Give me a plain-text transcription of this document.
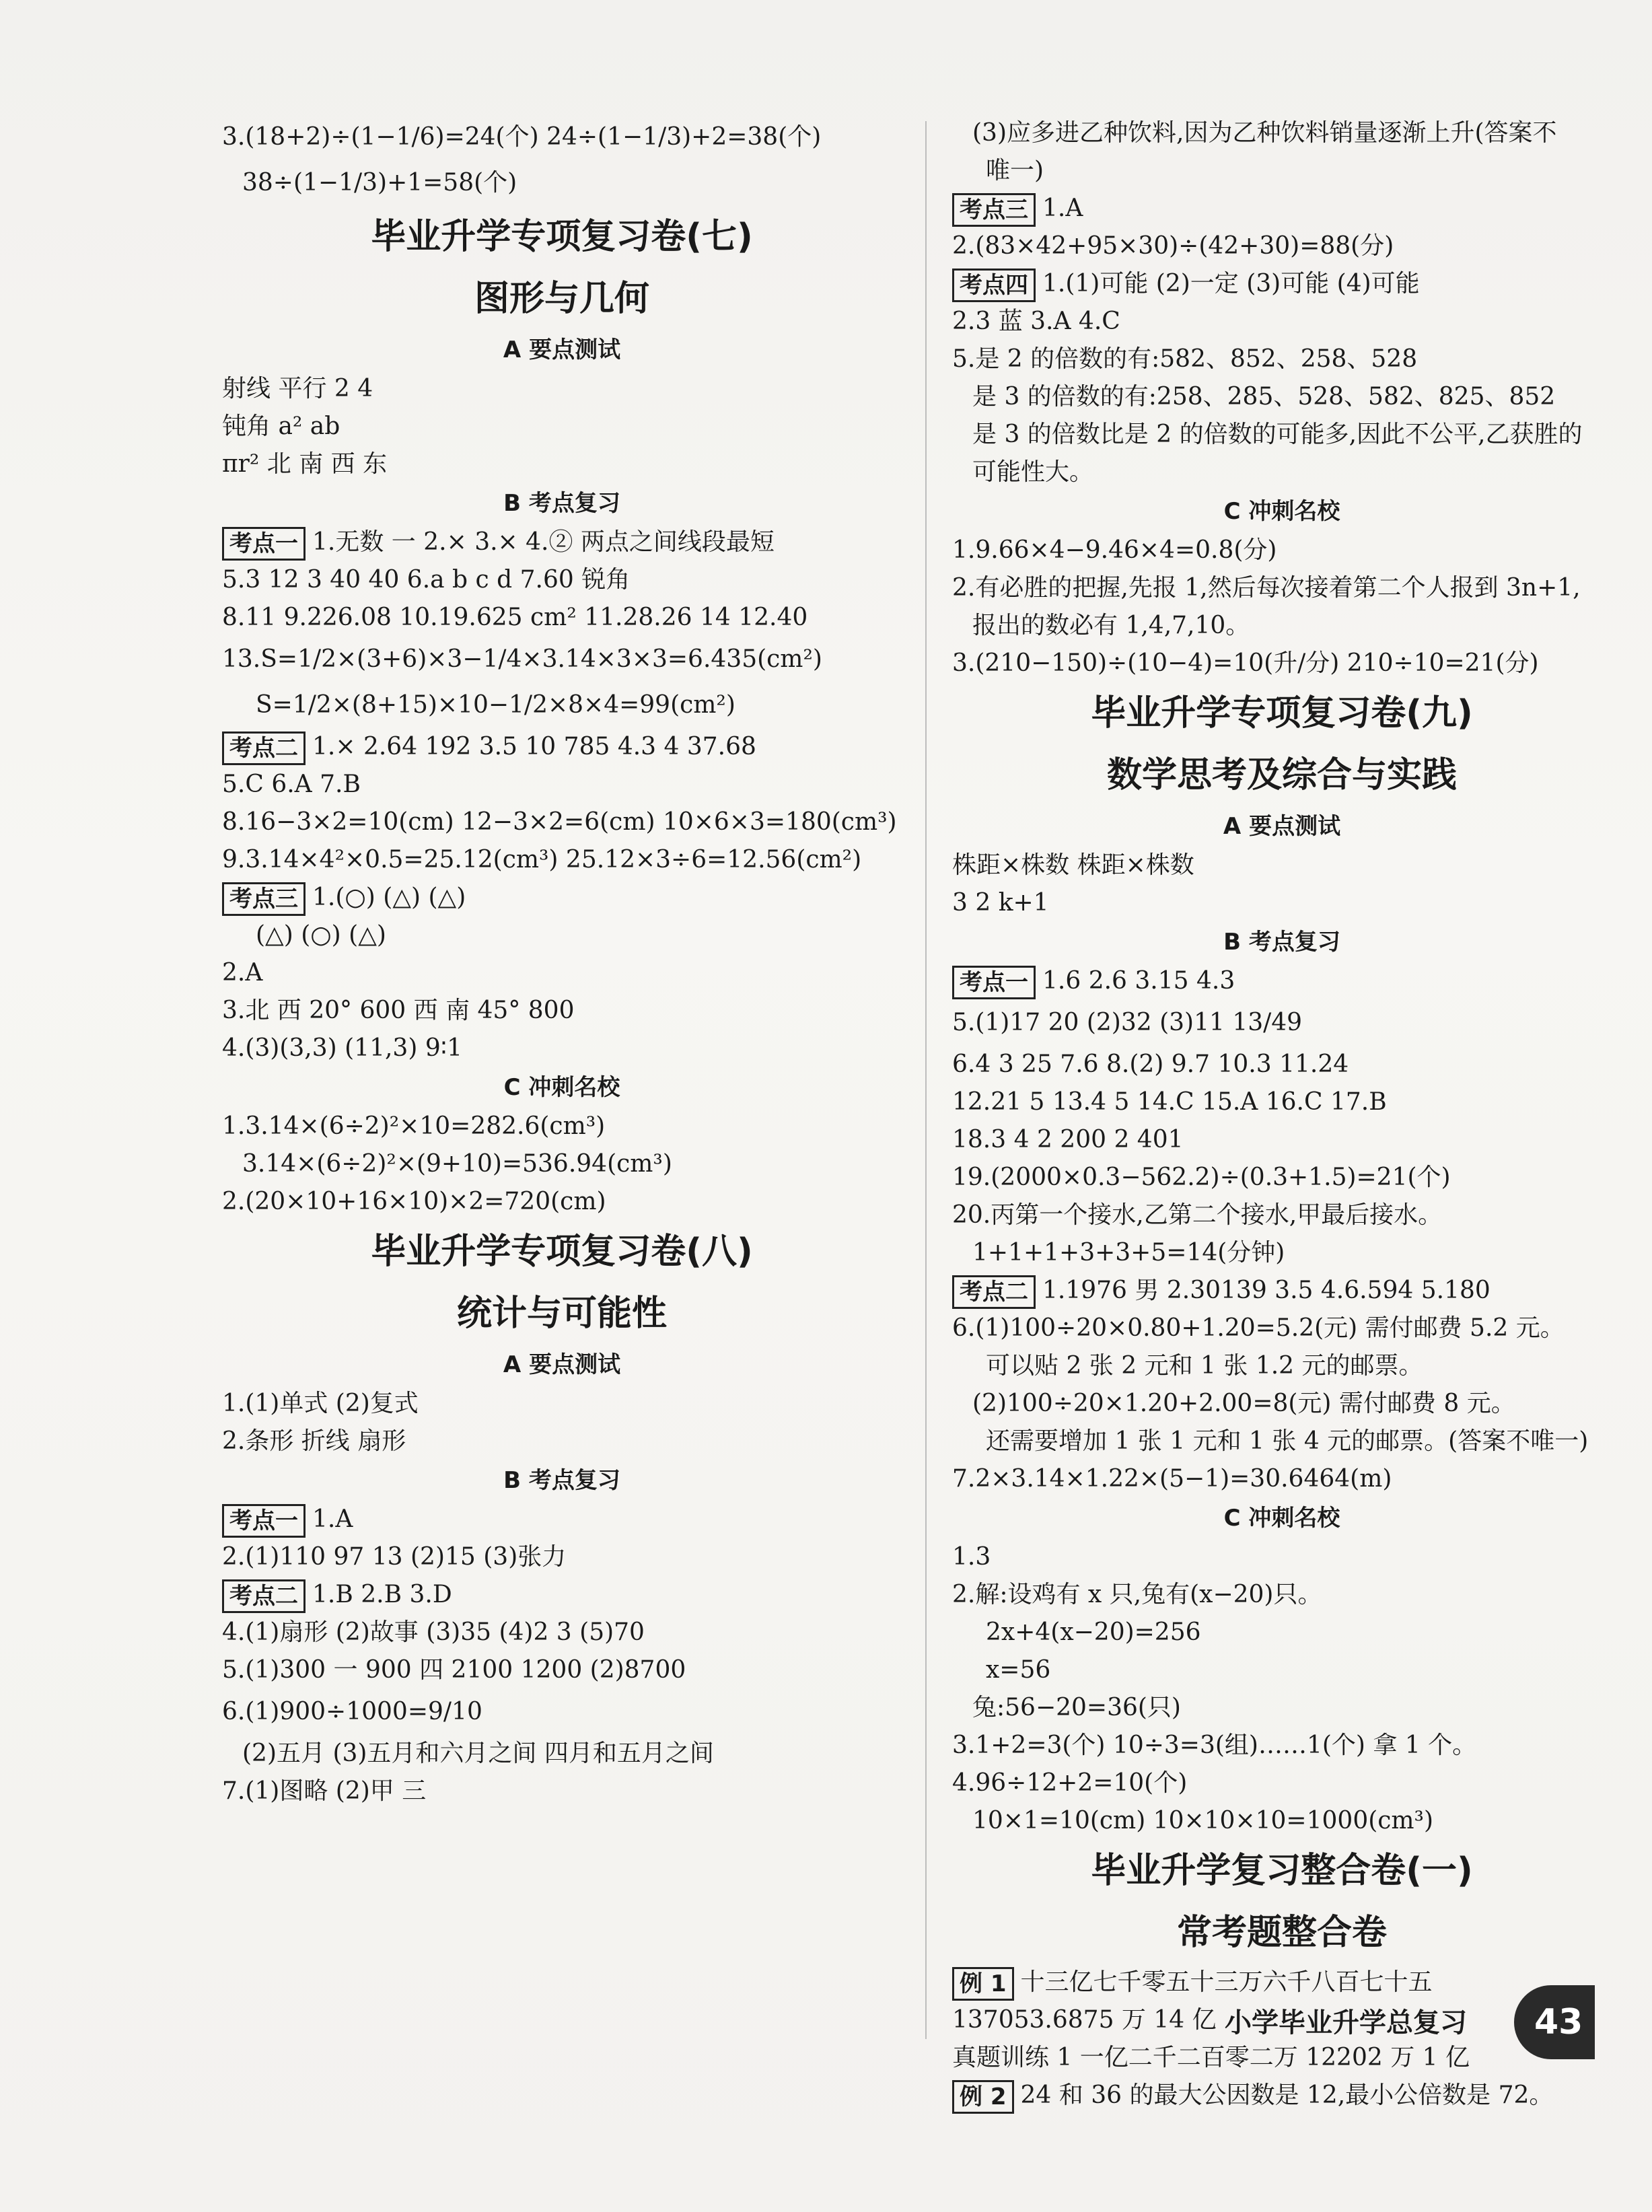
3.(18+2)÷(1−1/6)=24(个) 24÷(1−1/3)+2=38(个)
38÷(1−1/3)+1=58(个)
毕业升学专项复习卷(七)
图形与几何
A 要点测试
射线 平行 2 4
钝角 a² ab
πr² 北 南 西 东
B 考点复习
考点一 1.无数 一 2.× 3.× 4.② 两点之间线段最短
5.3 12 3 40 40 6.a b c d 7.60 锐角
8.11 9.226.08 10.19.625 cm² 11.28.26 14 12.40
13.S=1/2×(3+6)×3−1/4×3.14×3×3=6.435(cm²)
S=1/2×(8+15)×10−1/2×8×4=99(cm²)
考点二 1.× 2.64 192 3.5 10 785 4.3 4 37.68
5.C 6.A 7.B
8.16−3×2=10(cm) 12−3×2=6(cm) 10×6×3=180(cm³)
9.3.14×4²×0.5=25.12(cm³) 25.12×3÷6=12.56(cm²)
考点三 1.(○) (△) (△)
(△) (○) (△)
2.A
3.北 西 20° 600 西 南 45° 800
4.(3)(3,3) (11,3) 9∶1
C 冲刺名校
1.3.14×(6÷2)²×10=282.6(cm³)
3.14×(6÷2)²×(9+10)=536.94(cm³)
2.(20×10+16×10)×2=720(cm)
毕业升学专项复习卷(八)
统计与可能性
A 要点测试
1.(1)单式 (2)复式
2.条形 折线 扇形
B 考点复习
考点一 1.A
2.(1)110 97 13 (2)15 (3)张力
考点二 1.B 2.B 3.D
4.(1)扇形 (2)故事 (3)35 (4)2 3 (5)70
5.(1)300 一 900 四 2100 1200 (2)8700
6.(1)900÷1000=9/10
(2)五月 (3)五月和六月之间 四月和五月之间
7.(1)图略 (2)甲 三
(3)应多进乙种饮料,因为乙种饮料销量逐渐上升(答案不
唯一)
考点三 1.A
2.(83×42+95×30)÷(42+30)=88(分)
考点四 1.(1)可能 (2)一定 (3)可能 (4)可能
2.3 蓝 3.A 4.C
5.是 2 的倍数的有:582、852、258、528
是 3 的倍数的有:258、285、528、582、825、852
是 3 的倍数比是 2 的倍数的可能多,因此不公平,乙获胜的
可能性大。
C 冲刺名校
1.9.66×4−9.46×4=0.8(分)
2.有必胜的把握,先报 1,然后每次接着第二个人报到 3n+1,
报出的数必有 1,4,7,10。
3.(210−150)÷(10−4)=10(升/分) 210÷10=21(分)
毕业升学专项复习卷(九)
数学思考及综合与实践
A 要点测试
株距×株数 株距×株数
3 2 k+1
B 考点复习
考点一 1.6 2.6 3.15 4.3
5.(1)17 20 (2)32 (3)11 13/49
6.4 3 25 7.6 8.(2) 9.7 10.3 11.24
12.21 5 13.4 5 14.C 15.A 16.C 17.B
18.3 4 2 200 2 401
19.(2000×0.3−562.2)÷(0.3+1.5)=21(个)
20.丙第一个接水,乙第二个接水,甲最后接水。
1+1+1+3+3+5=14(分钟)
考点二 1.1976 男 2.30139 3.5 4.6.594 5.180
6.(1)100÷20×0.80+1.20=5.2(元) 需付邮费 5.2 元。
可以贴 2 张 2 元和 1 张 1.2 元的邮票。
(2)100÷20×1.20+2.00=8(元) 需付邮费 8 元。
还需要增加 1 张 1 元和 1 张 4 元的邮票。(答案不唯一)
7.2×3.14×1.22×(5−1)=30.6464(m)
C 冲刺名校
1.3
2.解:设鸡有 x 只,兔有(x−20)只。
2x+4(x−20)=256
x=56
兔:56−20=36(只)
3.1+2=3(个) 10÷3=3(组)……1(个) 拿 1 个。
4.96÷12+2=10(个)
10×1=10(cm) 10×10×10=1000(cm³)
毕业升学复习整合卷(一)
常考题整合卷
例 1 十三亿七千零五十三万六千八百七十五
137053.6875 万 14 亿
真题训练 1 一亿二千二百零二万 12202 万 1 亿
例 2 24 和 36 的最大公因数是 12,最小公倍数是 72。
小学毕业升学总复习	43
